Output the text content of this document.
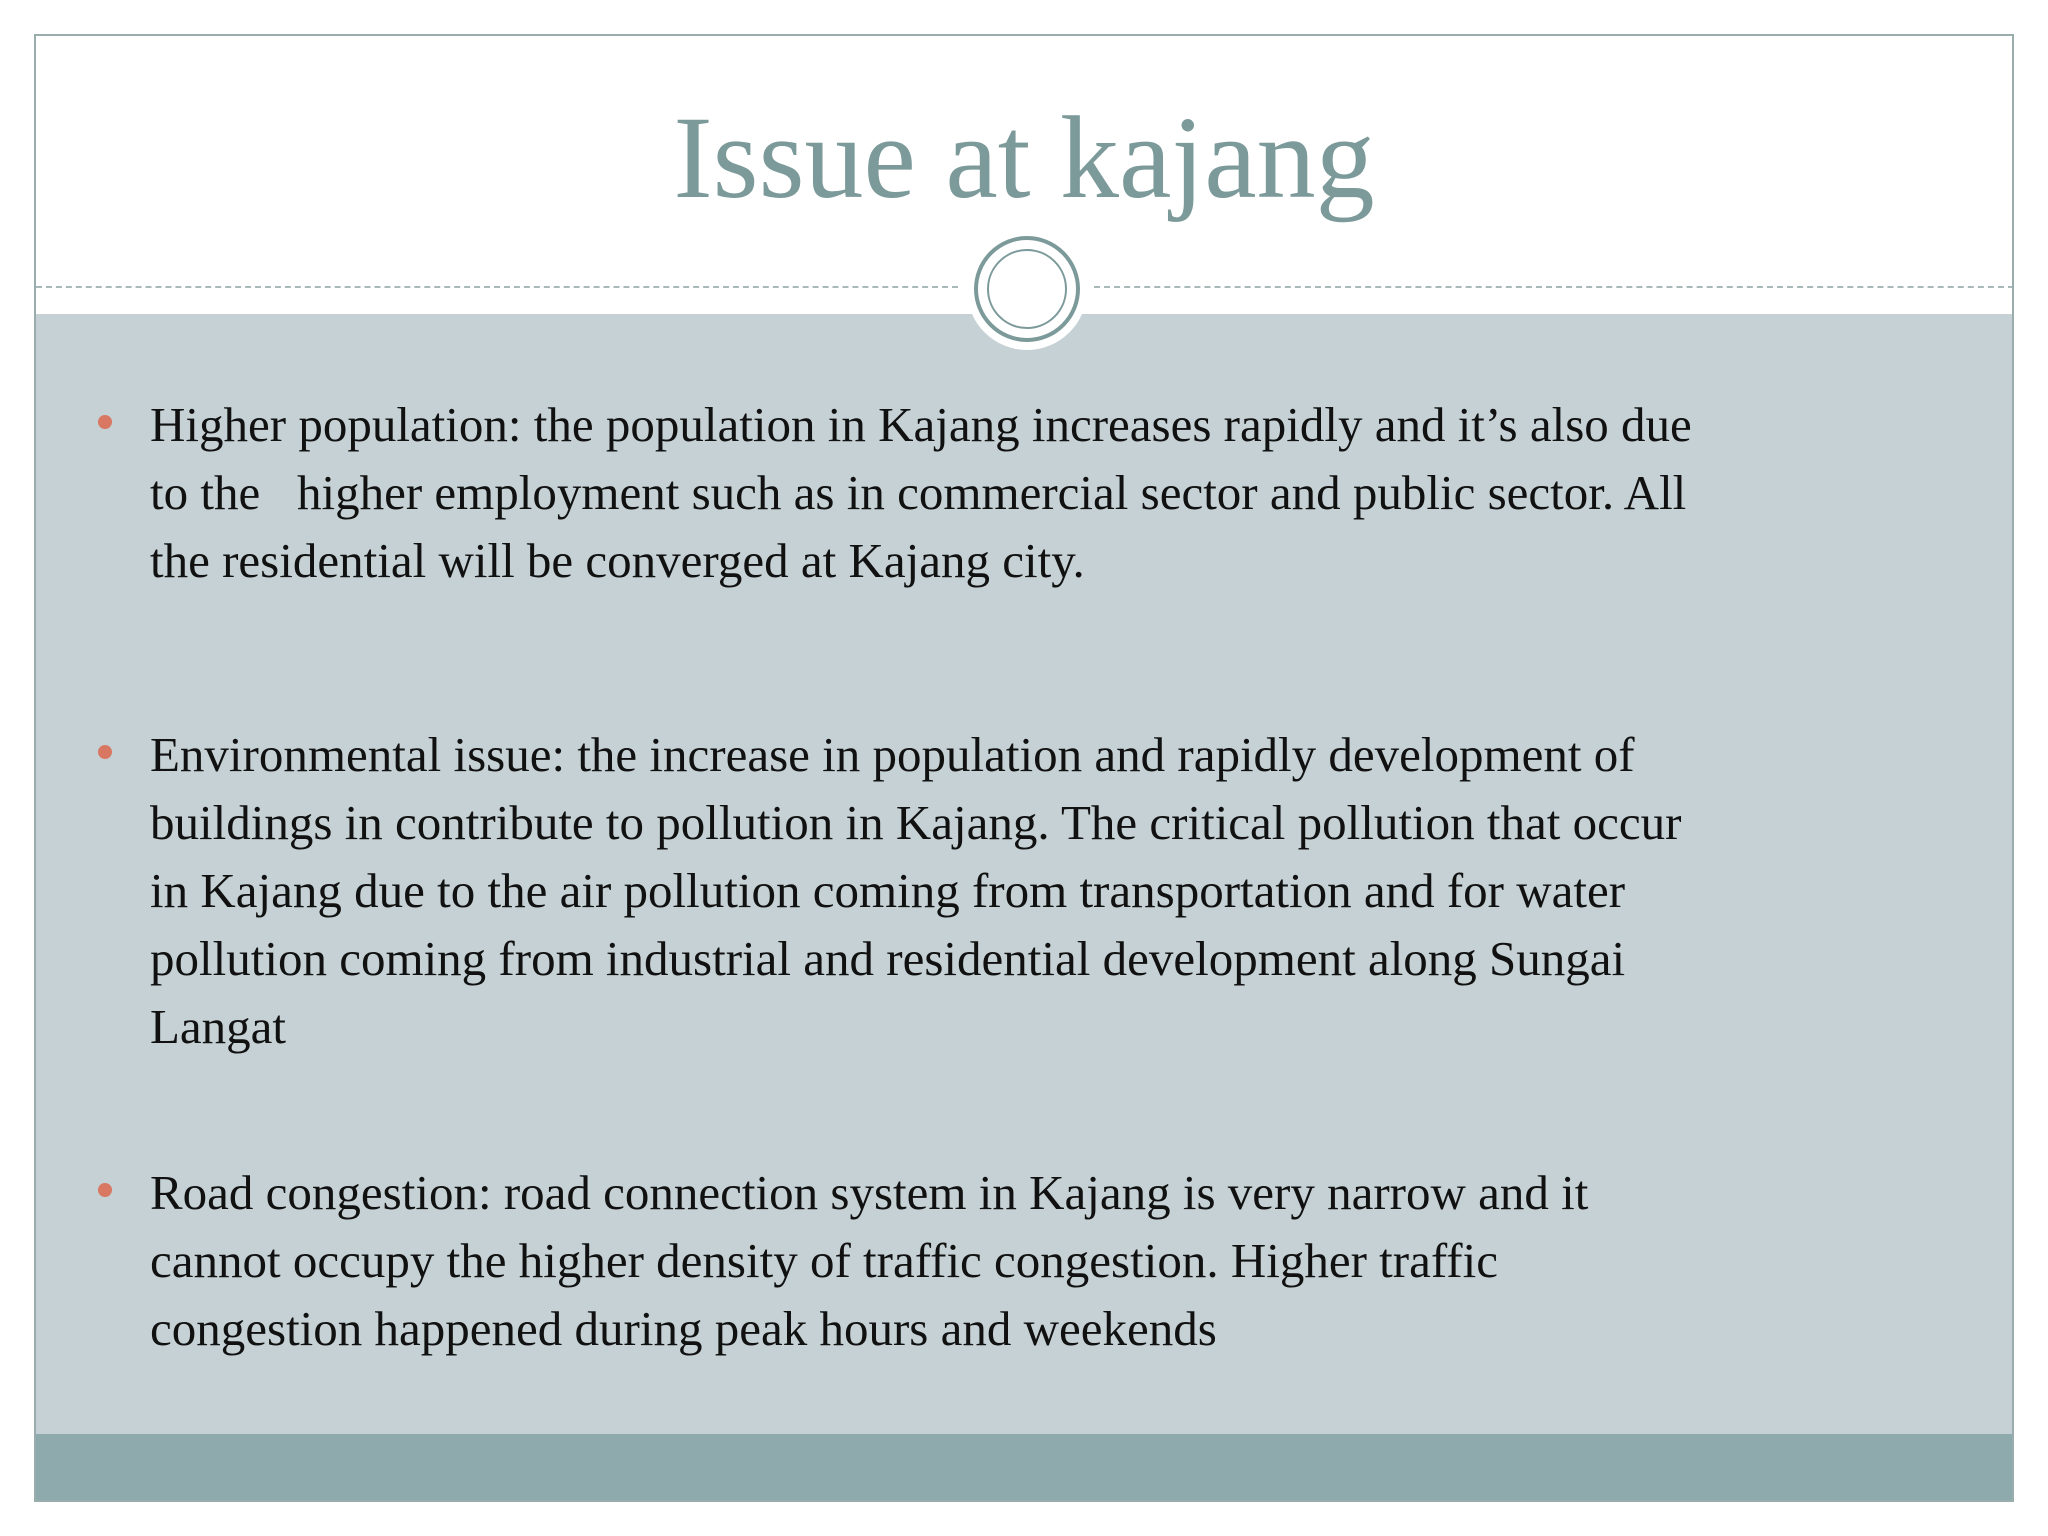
Issue at kajang

Higher population: the population in Kajang increases rapidly and it’s also due
to the   higher employment such as in commercial sector and public sector. All
the residential will be converged at Kajang city.

Environmental issue: the increase in population and rapidly development of
buildings in contribute to pollution in Kajang. The critical pollution that occur
in Kajang due to the air pollution coming from transportation and for water
pollution coming from industrial and residential development along Sungai
Langat

Road congestion: road connection system in Kajang is very narrow and it
cannot occupy the higher density of traffic congestion. Higher traffic
congestion happened during peak hours and weekends
